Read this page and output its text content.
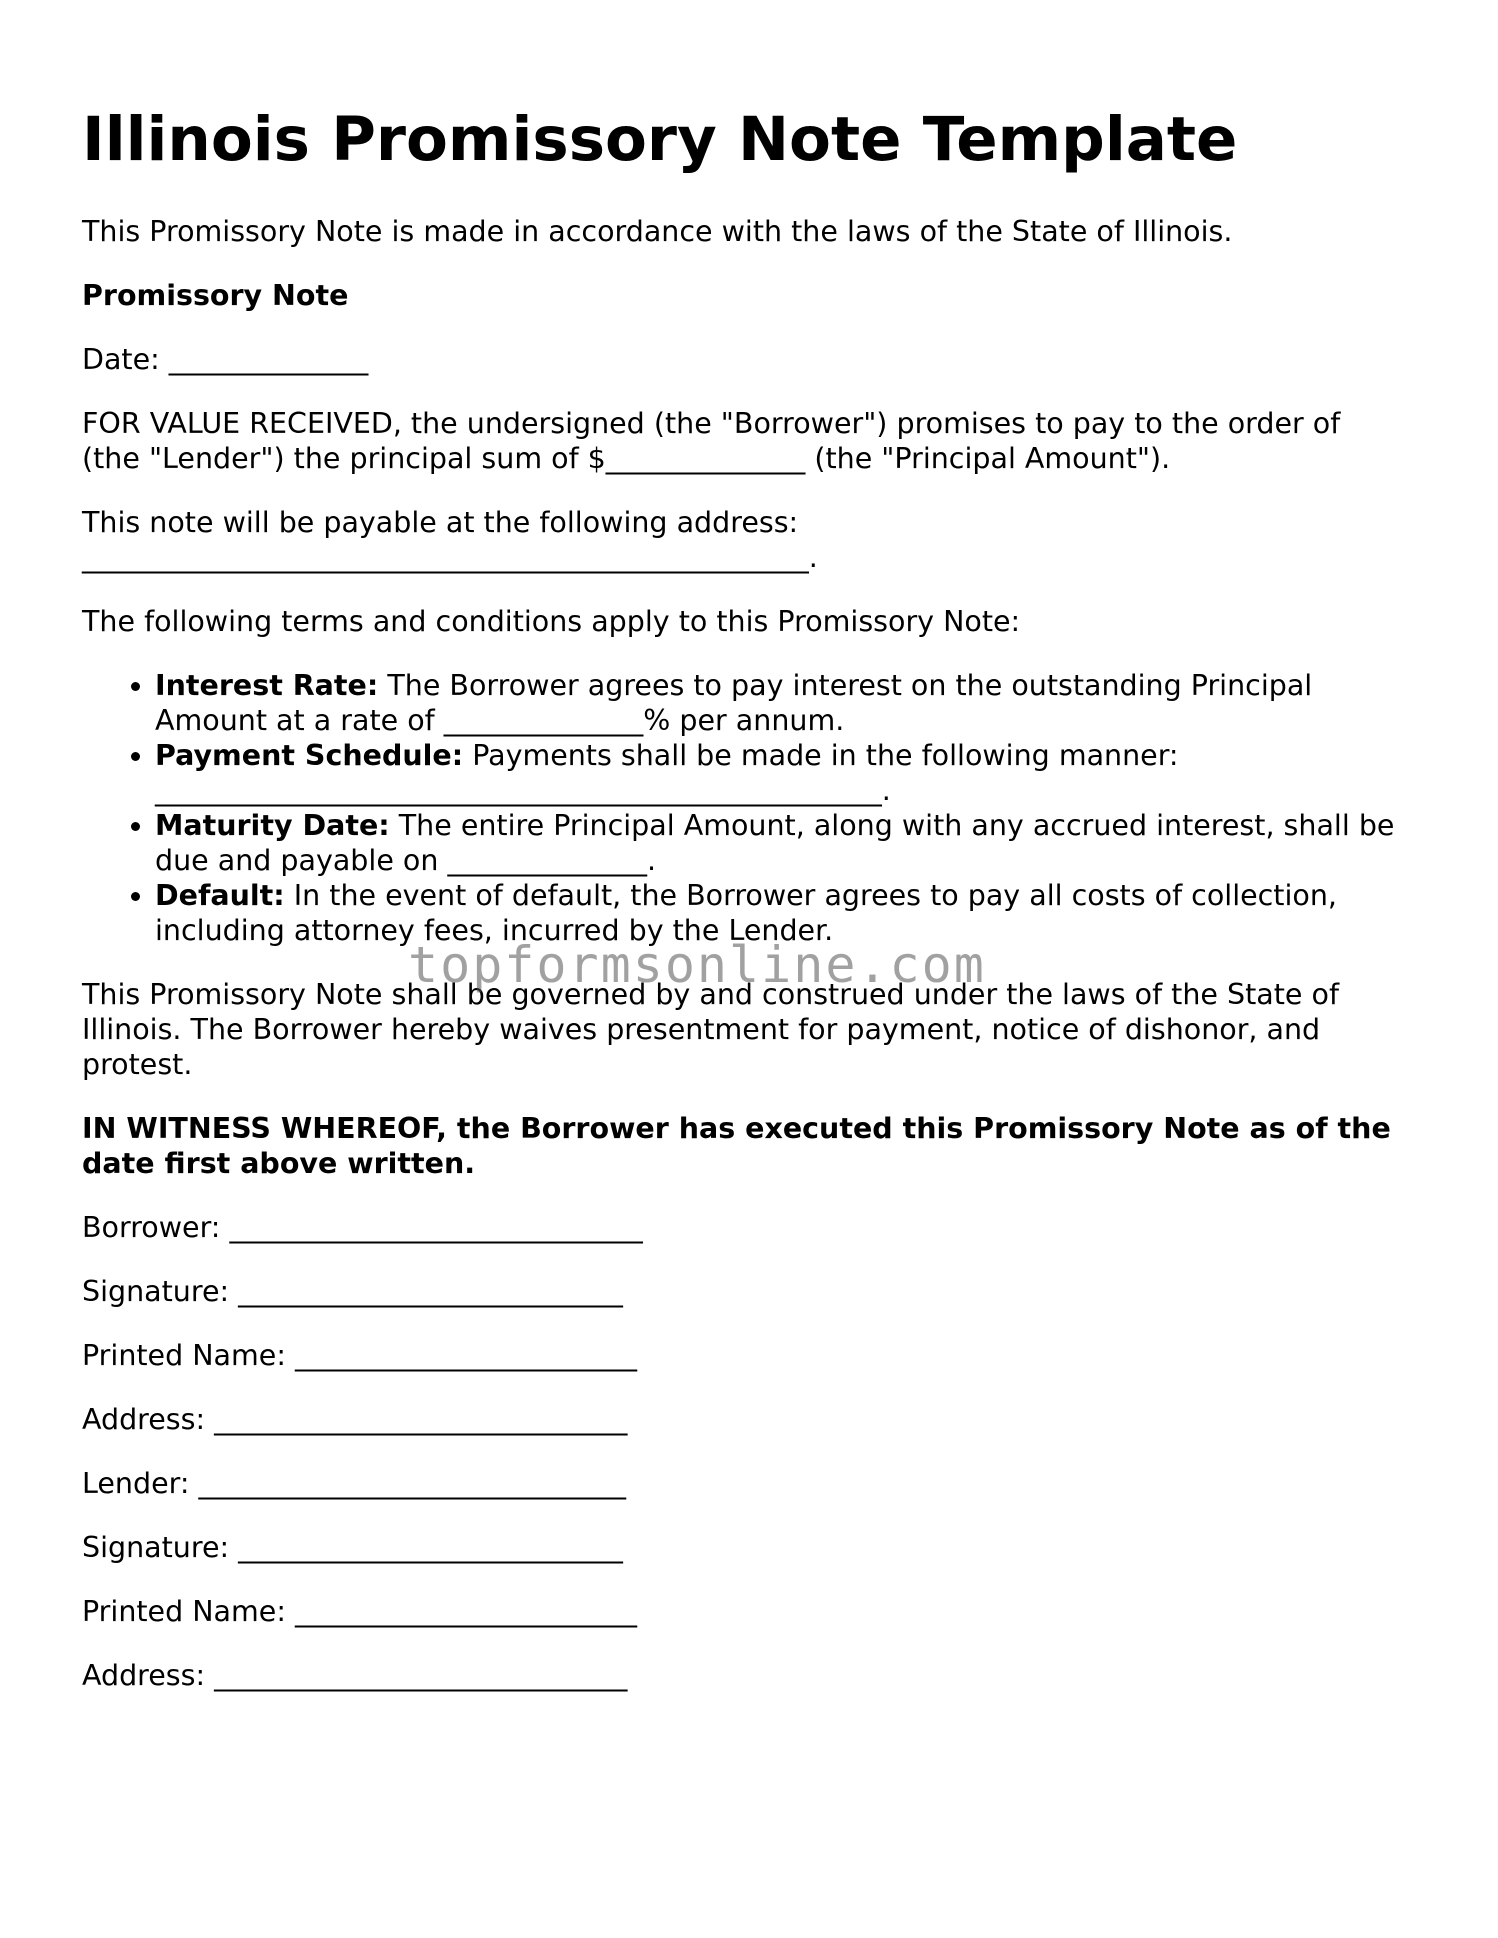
Illinois Promissory Note Template

This Promissory Note is made in accordance with the laws of the State of Illinois.

Promissory Note

Date: ______________

FOR VALUE RECEIVED, the undersigned (the "Borrower") promises to pay to the order of
(the "Lender") the principal sum of $______________ (the "Principal Amount").

This note will be payable at the following address:
___________________________________________________.

The following terms and conditions apply to this Promissory Note:

• Interest Rate: The Borrower agrees to pay interest on the outstanding Principal Amount at a rate of ______________% per annum.
• Payment Schedule: Payments shall be made in the following manner: ___________________________________________________.
• Maturity Date: The entire Principal Amount, along with any accrued interest, shall be due and payable on ______________.
• Default: In the event of default, the Borrower agrees to pay all costs of collection, including attorney fees, incurred by the Lender.

This Promissory Note shall be governed by and construed under the laws of the State of Illinois. The Borrower hereby waives presentment for payment, notice of dishonor, and protest.

IN WITNESS WHEREOF, the Borrower has executed this Promissory Note as of the date first above written.

Borrower: _____________________________

Signature: ___________________________

Printed Name: ________________________

Address: _____________________________

Lender: ______________________________

Signature: ___________________________

Printed Name: ________________________

Address: _____________________________

topformsonline.com
